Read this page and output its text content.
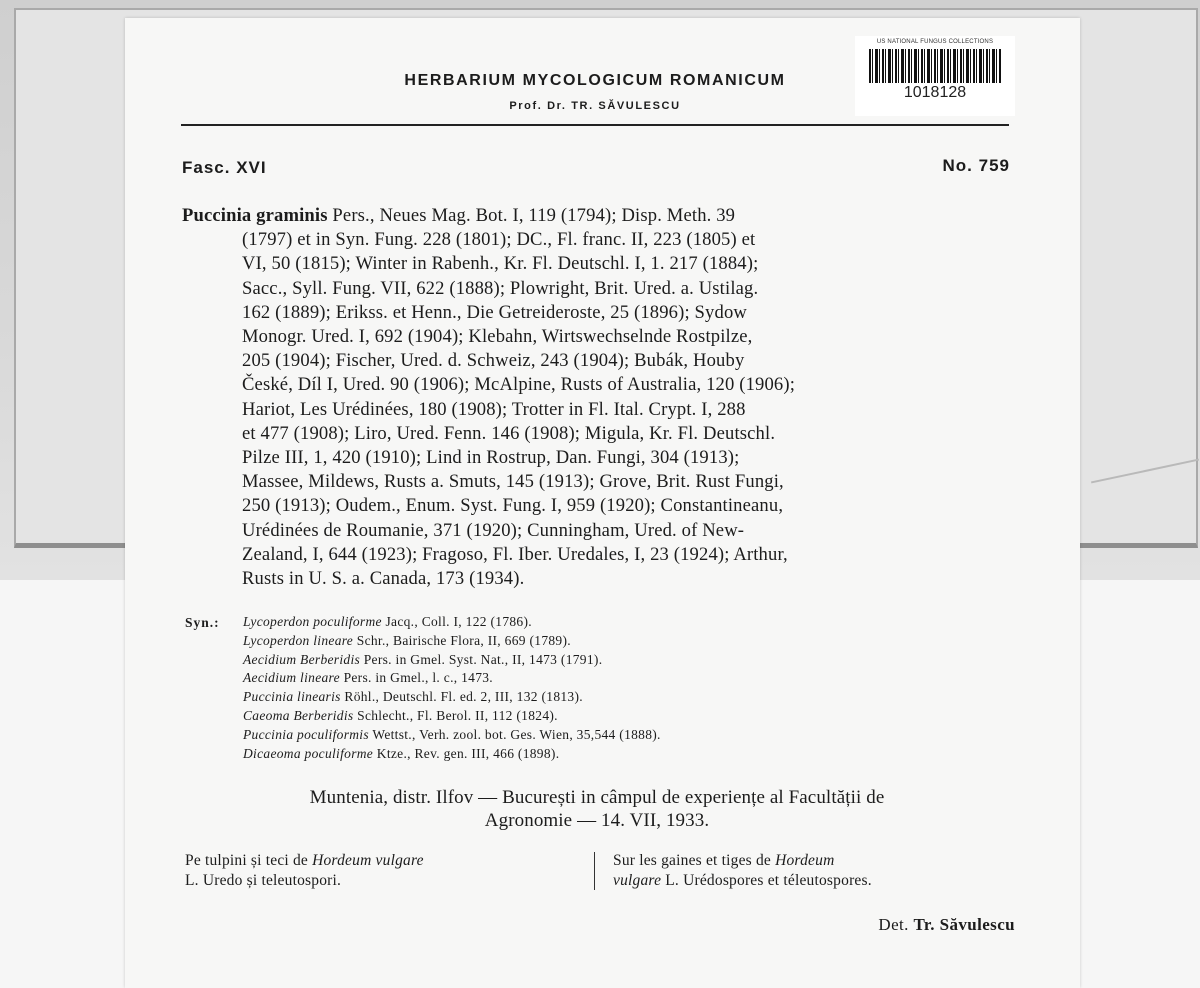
US NATIONAL FUNGUS COLLECTIONS
1018128
HERBARIUM MYCOLOGICUM ROMANICUM
Prof. Dr. TR. SĂVULESCU
Fasc. XVI	No. 759
Puccinia graminis Pers., Neues Mag. Bot. I, 119 (1794); Disp. Meth. 39
(1797) et in Syn. Fung. 228 (1801); DC., Fl. franc. II, 223 (1805) et
VI, 50 (1815); Winter in Rabenh., Kr. Fl. Deutschl. I, 1. 217 (1884);
Sacc., Syll. Fung. VII, 622 (1888); Plowright, Brit. Ured. a. Ustilag.
162 (1889); Erikss. et Henn., Die Getreideroste, 25 (1896); Sydow
Monogr. Ured. I, 692 (1904); Klebahn, Wirtswechselnde Rostpilze,
205 (1904); Fischer, Ured. d. Schweiz, 243 (1904); Bubák, Houby
České, Díl I, Ured. 90 (1906); McAlpine, Rusts of Australia, 120 (1906);
Hariot, Les Urédinées, 180 (1908); Trotter in Fl. Ital. Crypt. I, 288
et 477 (1908); Liro, Ured. Fenn. 146 (1908); Migula, Kr. Fl. Deutschl.
Pilze III, 1, 420 (1910); Lind in Rostrup, Dan. Fungi, 304 (1913);
Massee, Mildews, Rusts a. Smuts, 145 (1913); Grove, Brit. Rust Fungi,
250 (1913); Oudem., Enum. Syst. Fung. I, 959 (1920); Constantineanu,
Urédinées de Roumanie, 371 (1920); Cunningham, Ured. of New-
Zealand, I, 644 (1923); Fragoso, Fl. Iber. Uredales, I, 23 (1924); Arthur,
Rusts in U. S. a. Canada, 173 (1934).
Syn.: Lycoperdon poculiforme Jacq., Coll. I, 122 (1786).
Lycoperdon lineare Schr., Bairische Flora, II, 669 (1789).
Aecidium Berberidis Pers. in Gmel. Syst. Nat., II, 1473 (1791).
Aecidium lineare Pers. in Gmel., l. c., 1473.
Puccinia linearis Röhl., Deutschl. Fl. ed. 2, III, 132 (1813).
Caeoma Berberidis Schlecht., Fl. Berol. II, 112 (1824).
Puccinia poculiformis Wettst., Verh. zool. bot. Ges. Wien, 35,544 (1888).
Dicaeoma poculiforme Ktze., Rev. gen. III, 466 (1898).
Muntenia, distr. Ilfov — București in câmpul de experiențe al Facultății de
Agronomie — 14. VII, 1933.
Pe tulpini și teci de Hordeum vulgare
L. Uredo și teleutospori.
Sur les gaines et tiges de Hordeum
vulgare L. Urédospores et téleutospores.
Det. Tr. Săvulescu
